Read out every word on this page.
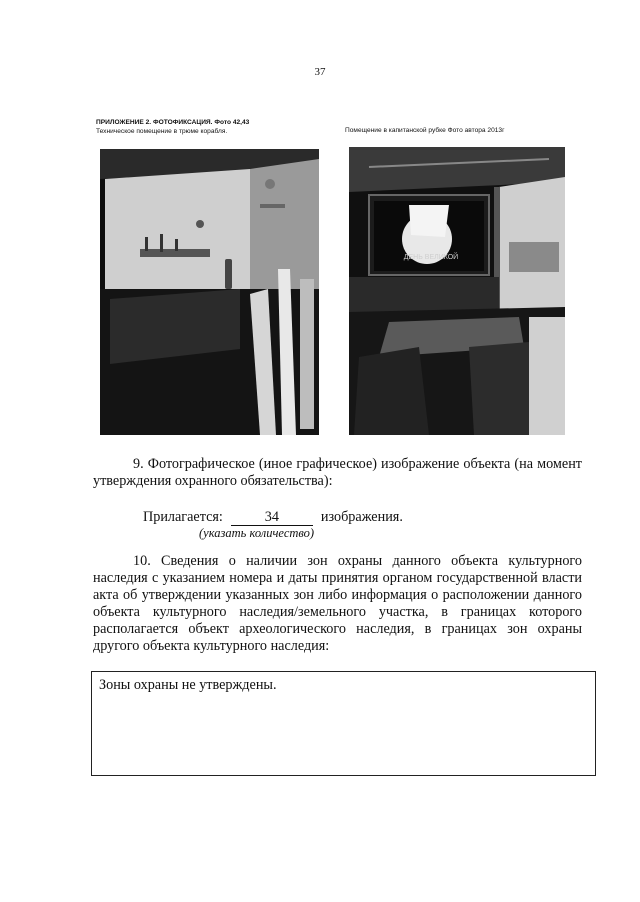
37
ПРИЛОЖЕНИЕ 2. ФОТОФИКСАЦИЯ. Фото 42,43
Техническое помещение в трюме корабля.	Помещение в капитанской рубке Фото автора 2013г
ДЕНЬ ВЕЛИКОЙ
9. Фотографическое (иное графическое) изображение объекта (на момент утверждения охранного обязательства):
Прилагается:	34	изображения.
(указать количество)
10. Сведения о наличии зон охраны данного объекта культурного наследия с указанием номера и даты принятия органом государственной власти акта об утверждении указанных зон либо информация о расположении данного объекта культурного наследия/земельного участка, в границах которого располагается объект археологического наследия, в границах зон охраны другого объекта культурного наследия:
Зоны охраны не утверждены.
